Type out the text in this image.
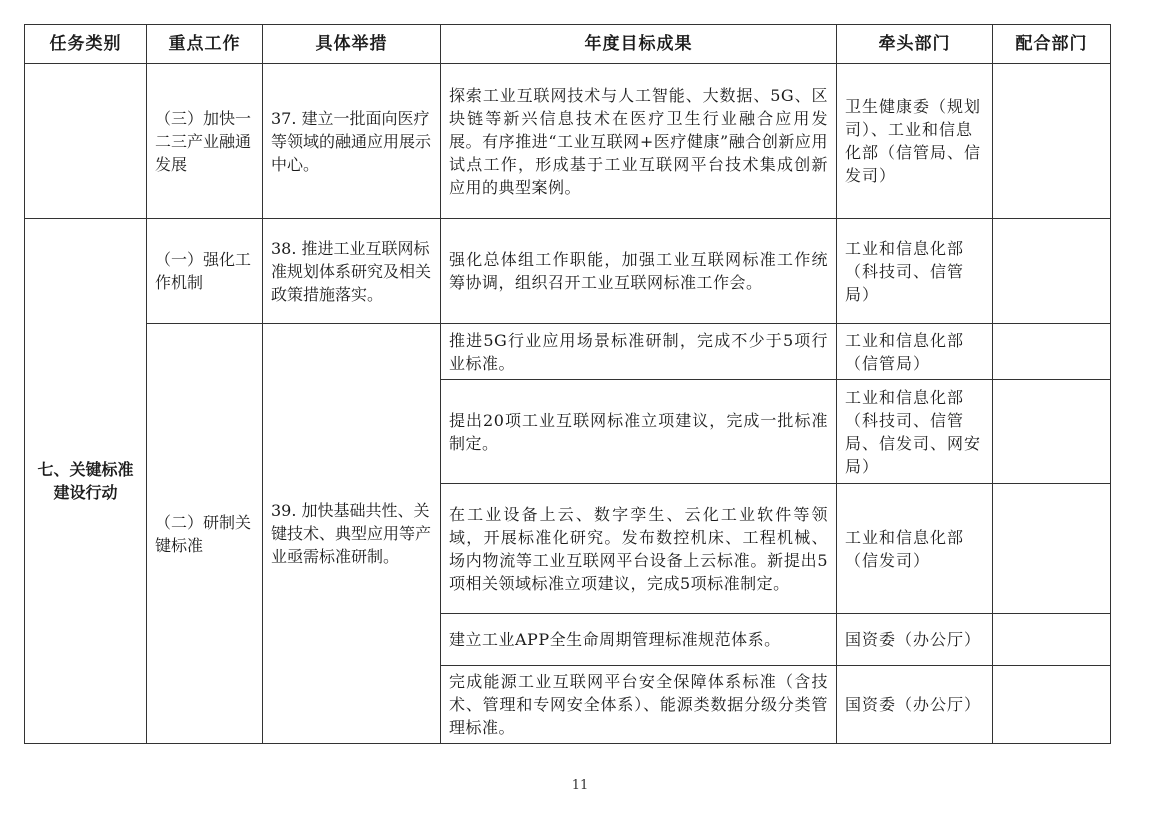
任务类别	重点工作	具体举措	年度目标成果	牵头部门	配合部门
	（三）加快一二三产业融通发展	37. 建立一批面向医疗等领域的融通应用展示中心。	探索工业互联网技术与人工智能、大数据、5G、区块链等新兴信息技术在医疗卫生行业融合应用发展。有序推进“工业互联网+医疗健康”融合创新应用试点工作，形成基于工业互联网平台技术集成创新应用的典型案例。	卫生健康委（规划司）、工业和信息化部（信管局、信发司）	
七、关键标准建设行动	（一）强化工作机制	38. 推进工业互联网标准规划体系研究及相关政策措施落实。	强化总体组工作职能，加强工业互联网标准工作统筹协调，组织召开工业互联网标准工作会。	工业和信息化部（科技司、信管局）	
	（二）研制关键标准	39. 加快基础共性、关键技术、典型应用等产业亟需标准研制。	推进5G行业应用场景标准研制，完成不少于5项行业标准。	工业和信息化部（信管局）	
			提出20项工业互联网标准立项建议，完成一批标准制定。	工业和信息化部（科技司、信管局、信发司、网安局）	
			在工业设备上云、数字孪生、云化工业软件等领域，开展标准化研究。发布数控机床、工程机械、场内物流等工业互联网平台设备上云标准。新提出5项相关领域标准立项建议，完成5项标准制定。	工业和信息化部（信发司）	
			建立工业APP全生命周期管理标准规范体系。	国资委（办公厅）	
			完成能源工业互联网平台安全保障体系标准（含技术、管理和专网安全体系）、能源类数据分级分类管理标准。	国资委（办公厅）	
11
